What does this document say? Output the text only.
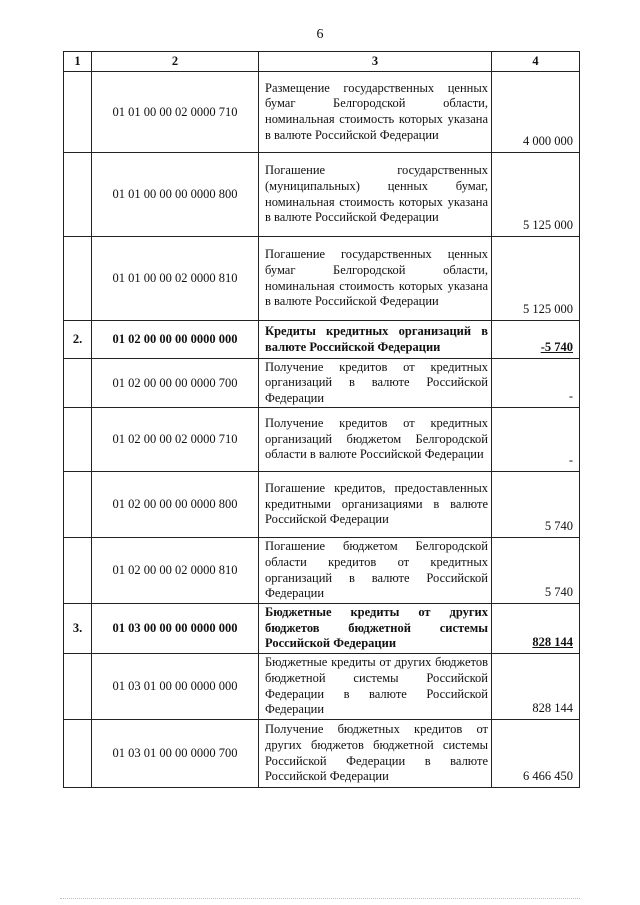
6
1	2	3	4
	01 01 00 00 02 0000 710	Размещение государственных ценных бумаг Белгородской области, номинальная стоимость которых указана в валюте Российской Федерации	4 000 000
	01 01 00 00 00 0000 800	Погашение государственных (муниципальных) ценных бумаг, номинальная стоимость которых указана в валюте Российской Федерации	5 125 000
	01 01 00 00 02 0000 810	Погашение государственных ценных бумаг Белгородской области, номинальная стоимость которых указана в валюте Российской Федерации	5 125 000
2.	01 02 00 00 00 0000 000	Кредиты кредитных организаций в валюте Российской Федерации	-5 740
	01 02 00 00 00 0000 700	Получение кредитов от кредитных организаций в валюте Российской Федерации	-
	01 02 00 00 02 0000 710	Получение кредитов от кредитных организаций бюджетом Белгородской области в валюте Российской Федерации	-
	01 02 00 00 00 0000 800	Погашение кредитов, предоставленных кредитными организациями в валюте Российской Федерации	5 740
	01 02 00 00 02 0000 810	Погашение бюджетом Белгородской области кредитов от кредитных организаций в валюте Российской Федерации	5 740
3.	01 03 00 00 00 0000 000	Бюджетные кредиты от других бюджетов бюджетной системы Российской Федерации	828 144
	01 03 01 00 00 0000 000	Бюджетные кредиты от других бюджетов бюджетной системы Российской Федерации в валюте Российской Федерации	828 144
	01 03 01 00 00 0000 700	Получение бюджетных кредитов от других бюджетов бюджетной системы Российской Федерации в валюте Российской Федерации	6 466 450
